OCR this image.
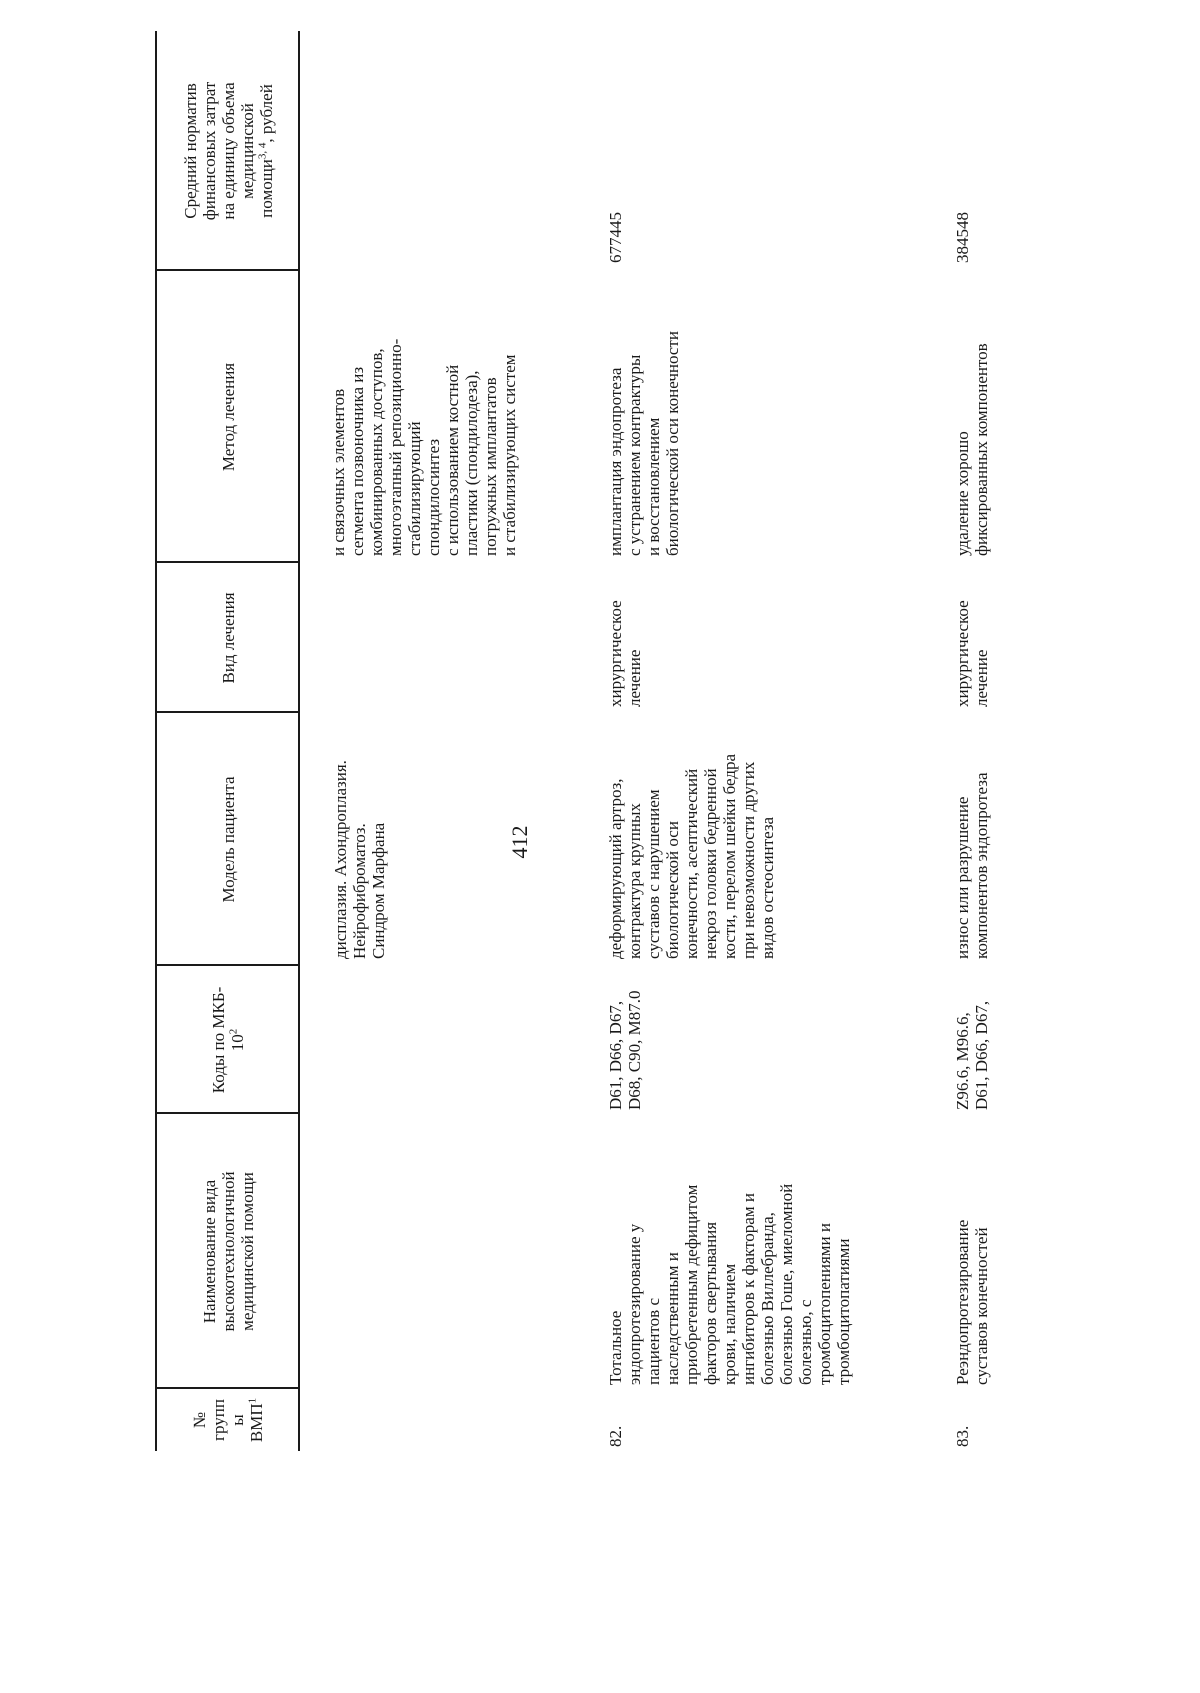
412
№ групп ы ВМП$^1$
Наименование вида высокотехнологичной медицинской помощи
Коды по МКБ- $10^2$
Модель пациента
Вид лечения
Метод лечения
Средний норматив финансовых затрат на единицу объема медицинской помощи$^{3, 4}$, рублей
дисплазия. Ахондроплазия. Нейрофиброматоз. Синдром Марфана
и связочных элементов сегмента позвоночника из комбинированных доступов, многоэтапный репозиционно- стабилизирующий спондилосинтез с использованием костной пластики (спондилодеза), погружных имплантатов и стабилизирующих систем
82.
Тотальное эндопротезирование у пациентов с наследственным и приобретенным дефицитом факторов свертывания крови, наличием ингибиторов к факторам и болезнью Виллебранда, болезнью Гоше, миеломной болезнью, с тромбоцитопениями и тромбоцитопатиями
D61, D66, D67, D68, C90, M87.0
деформирующий артроз, контрактура крупных суставов с нарушением биологической оси конечности, асептический некроз головки бедренной кости, перелом шейки бедра при невозможности других видов остеосинтеза
хирургическое лечение
имплантация эндопротеза с устранением контрактуры и восстановлением биологической оси конечности
677445
83.
Реэндопротезирование суставов конечностей
Z96.6, M96.6, D61, D66, D67,
износ или разрушение компонентов эндопротеза
хирургическое лечение
удаление хорошо фиксированных компонентов
384548
